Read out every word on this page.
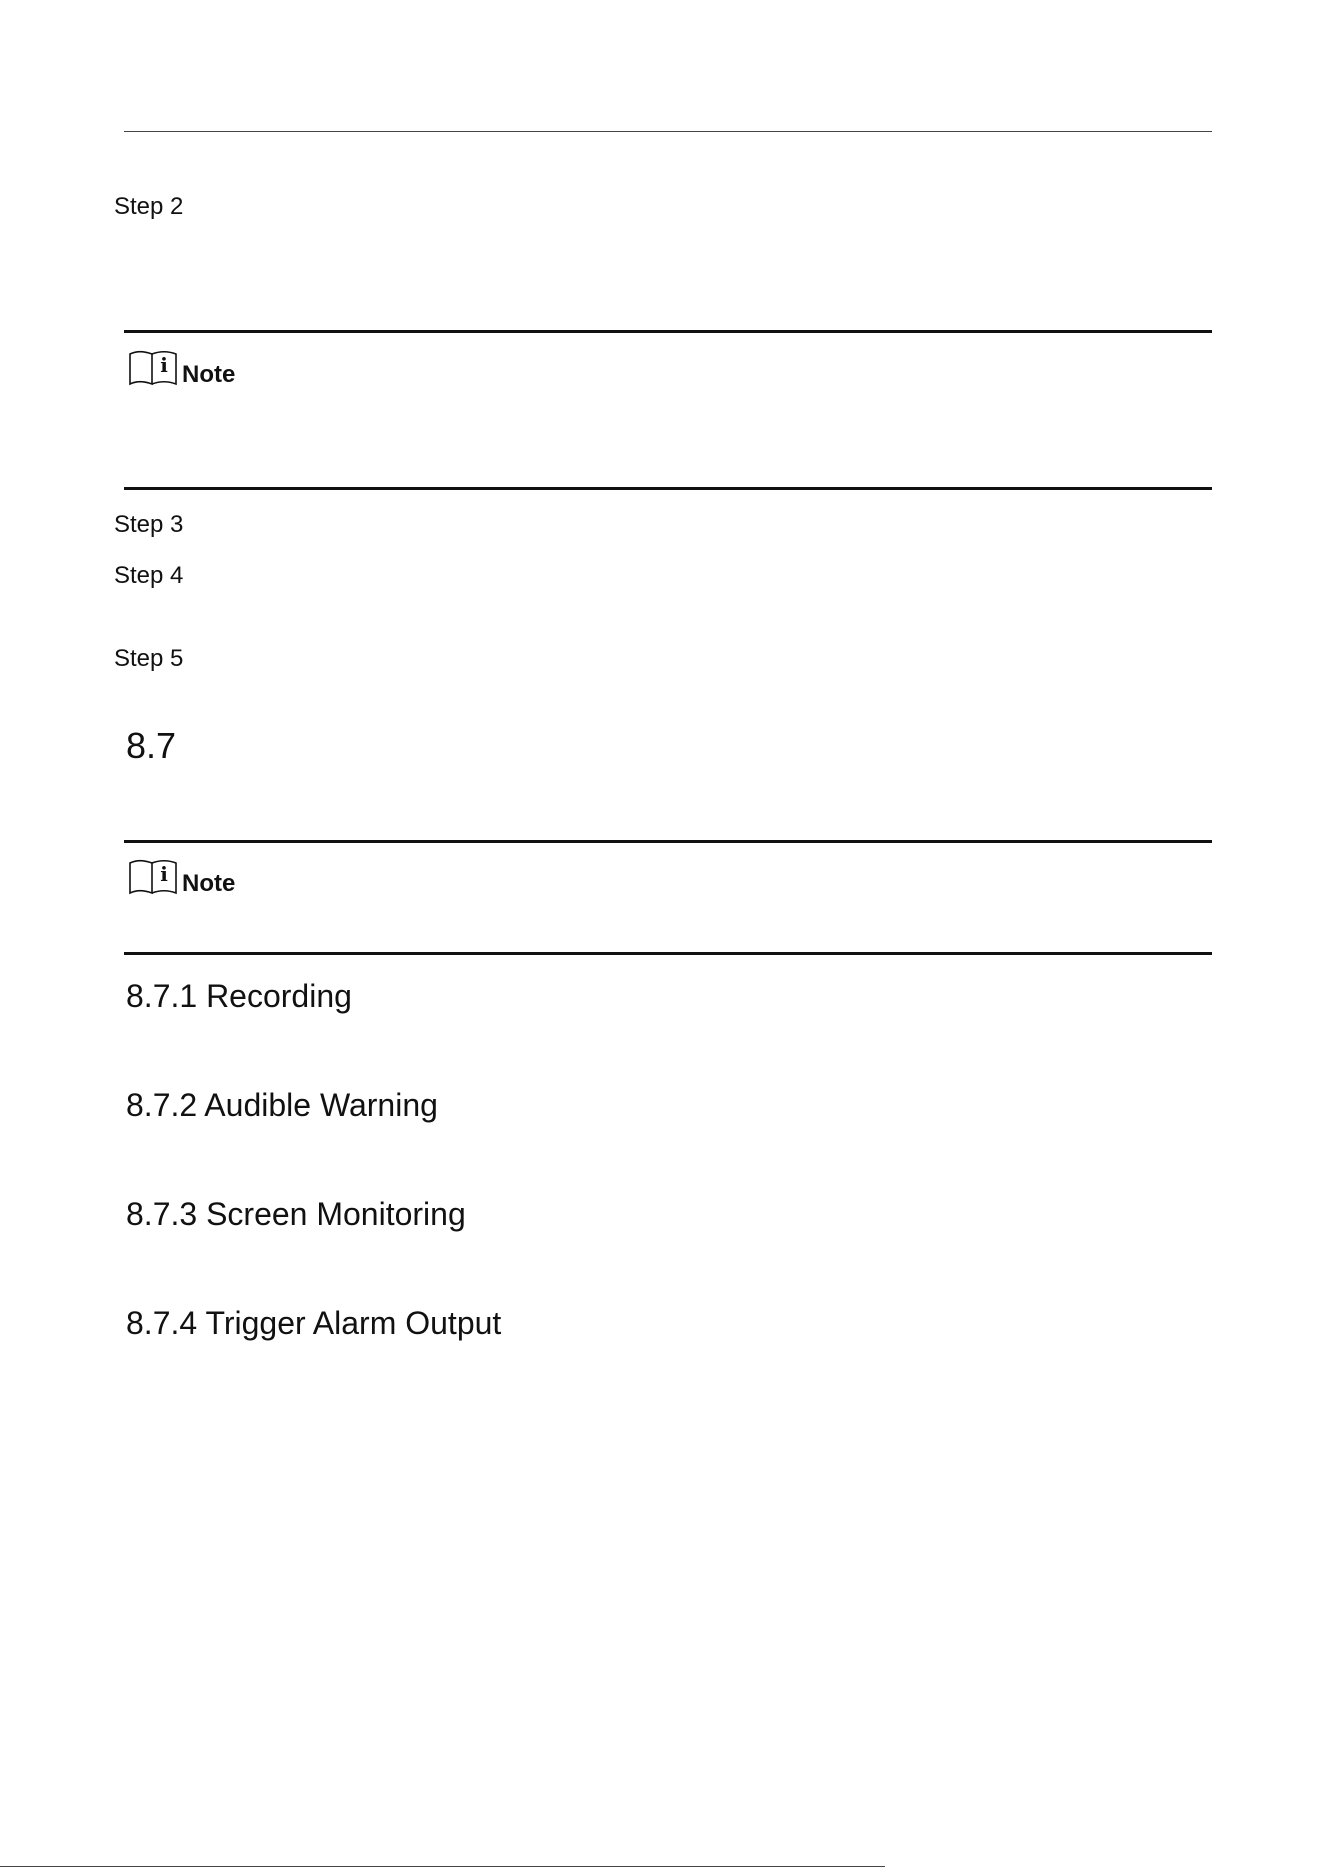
Step 2
i Note
Step 3
Step 4
Step 5
8.7
i Note
8.7.1 Recording
8.7.2 Audible Warning
8.7.3 Screen Monitoring
8.7.4 Trigger Alarm Output
